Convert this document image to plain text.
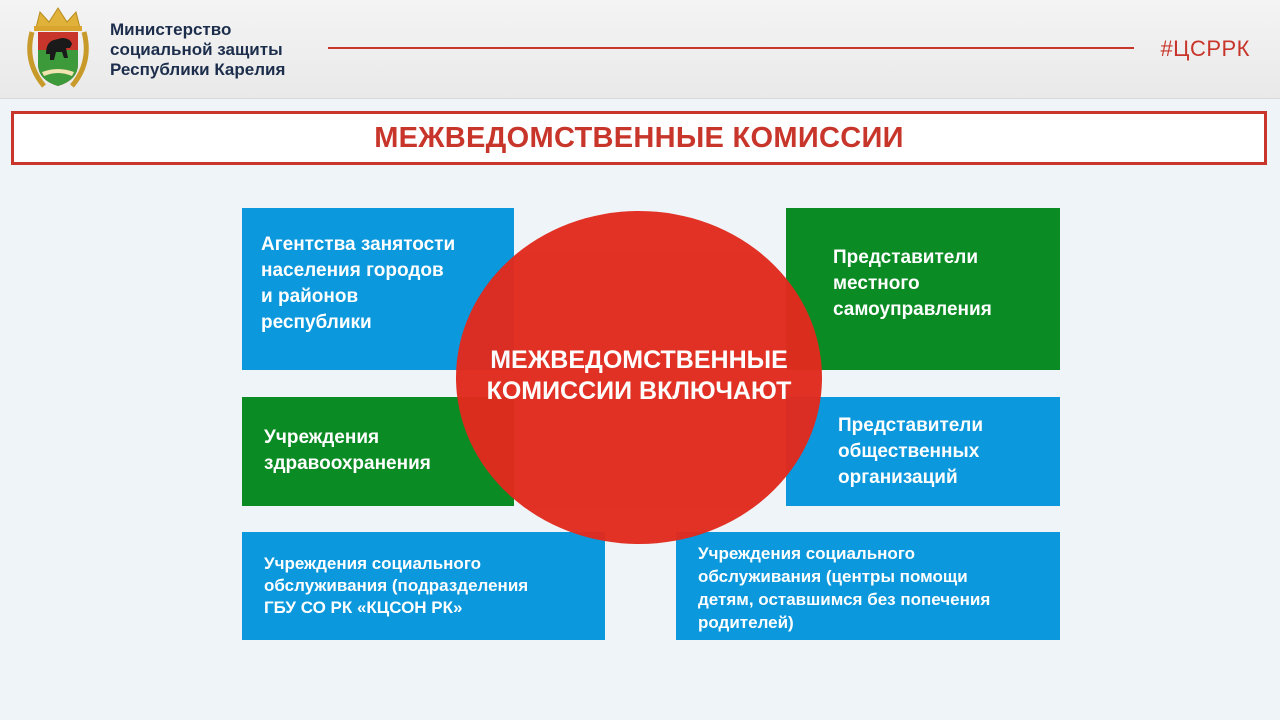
Министерство
социальной защиты
Республики Карелия
#ЦСРРК
МЕЖВЕДОМСТВЕННЫЕ КОМИССИИ
Агентства занятости
населения городов
и районов
республики
Представители
местного
самоуправления
Учреждения
здравоохранения
Представители
общественных
организаций
Учреждения социального
обслуживания (подразделения
ГБУ СО РК «КЦСОН РК»
Учреждения социального
обслуживания (центры помощи
детям, оставшимся без попечения
родителей)
МЕЖВЕДОМСТВЕННЫЕ
КОМИССИИ ВКЛЮЧАЮТ
